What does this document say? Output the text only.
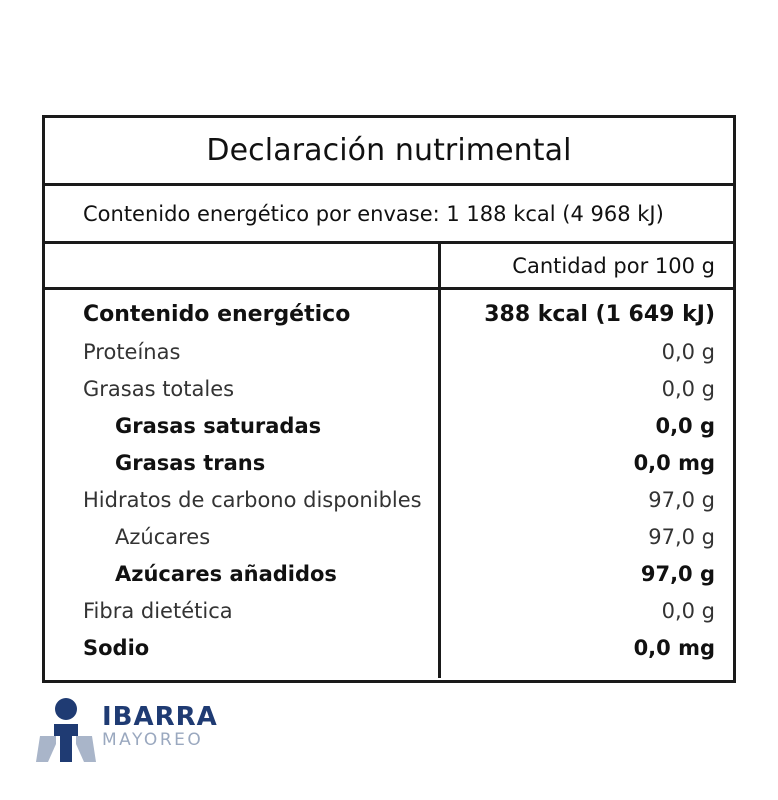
Declaración nutrimental
Contenido energético por envase: 1 188 kcal (4 968 kJ)
Cantidad por 100 g
Contenido energético
Proteínas
Grasas totales
Grasas saturadas
Grasas trans
Hidratos de carbono disponibles
Azúcares
Azúcares añadidos
Fibra dietética
Sodio
388 kcal (1 649 kJ)
0,0 g
0,0 g
0,0 g
0,0 mg
97,0 g
97,0 g
97,0 g
0,0 g
0,0 mg
IBARRA
MAYOREO
